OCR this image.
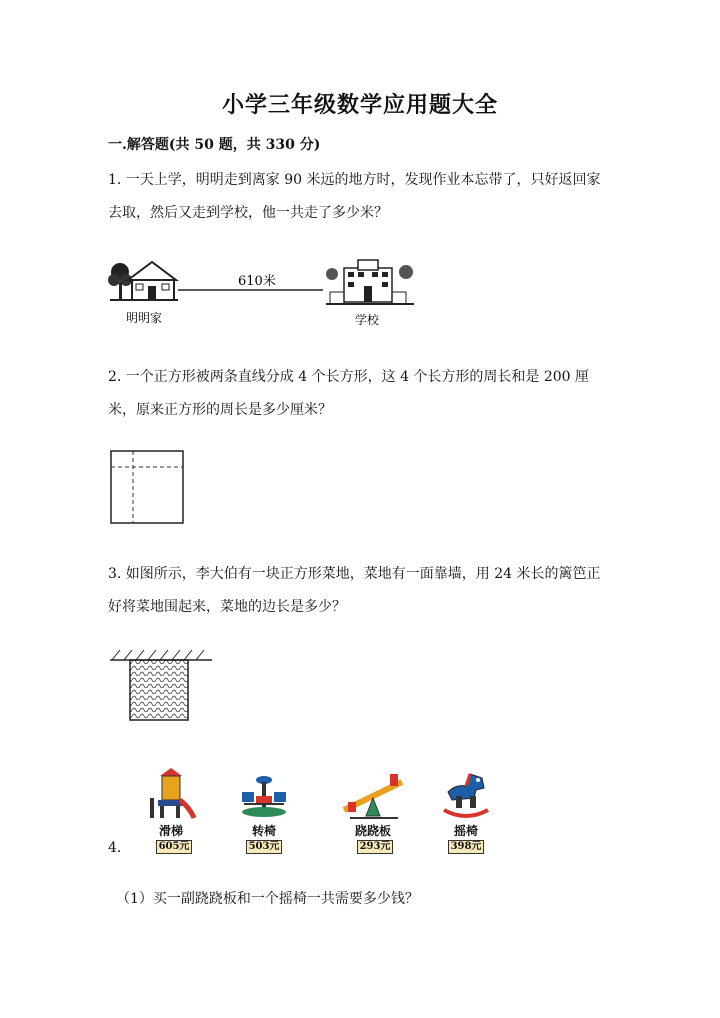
小学三年级数学应用题大全
一.解答题(共 50 题，共 330 分)
1. 一天上学，明明走到离家 90 米远的地方时，发现作业本忘带了，只好返回家
去取，然后又走到学校，他一共走了多少米？
610米
明明家	学校
2. 一个正方形被两条直线分成 4 个长方形，这 4 个长方形的周长和是 200 厘
米，原来正方形的周长是多少厘米？
3. 如图所示，李大伯有一块正方形菜地，菜地有一面靠墙，用 24 米长的篱笆正
好将菜地围起来，菜地的边长是多少？
4.
滑梯
605元
转椅
503元
跷跷板
293元
摇椅
398元
（1）买一副跷跷板和一个摇椅一共需要多少钱？
